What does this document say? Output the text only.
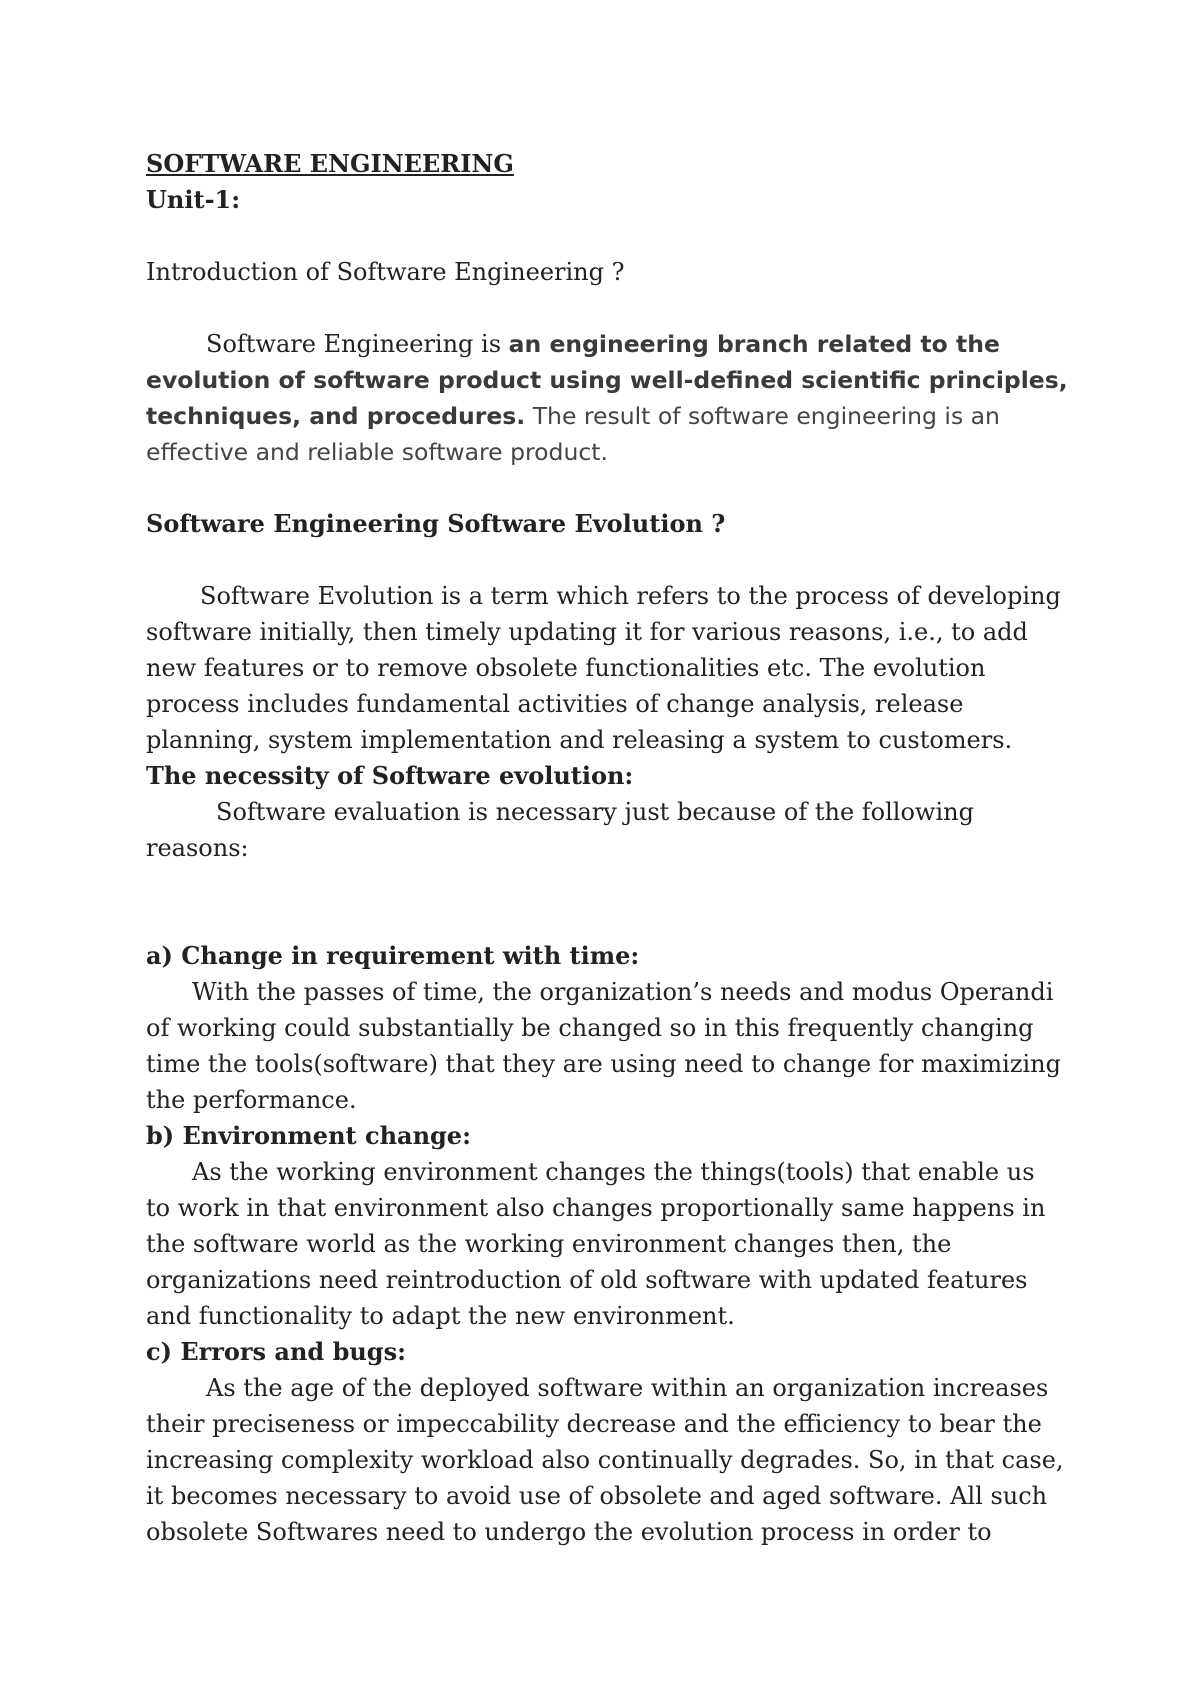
SOFTWARE ENGINEERING
Unit-1:
Introduction of Software Engineering ?
Software Engineering is an engineering branch related to the
evolution of software product using well-defined scientific principles,
techniques, and procedures. The result of software engineering is an
effective and reliable software product.
Software Engineering Software Evolution ?
Software Evolution is a term which refers to the process of developing
software initially, then timely updating it for various reasons, i.e., to add
new features or to remove obsolete functionalities etc. The evolution
process includes fundamental activities of change analysis, release
planning, system implementation and releasing a system to customers.
The necessity of Software evolution:
Software evaluation is necessary just because of the following
reasons:
a) Change in requirement with time:
With the passes of time, the organization’s needs and modus Operandi
of working could substantially be changed so in this frequently changing
time the tools(software) that they are using need to change for maximizing
the performance.
b) Environment change:
As the working environment changes the things(tools) that enable us
to work in that environment also changes proportionally same happens in
the software world as the working environment changes then, the
organizations need reintroduction of old software with updated features
and functionality to adapt the new environment.
c) Errors and bugs:
As the age of the deployed software within an organization increases
their preciseness or impeccability decrease and the efficiency to bear the
increasing complexity workload also continually degrades. So, in that case,
it becomes necessary to avoid use of obsolete and aged software. All such
obsolete Softwares need to undergo the evolution process in order to
